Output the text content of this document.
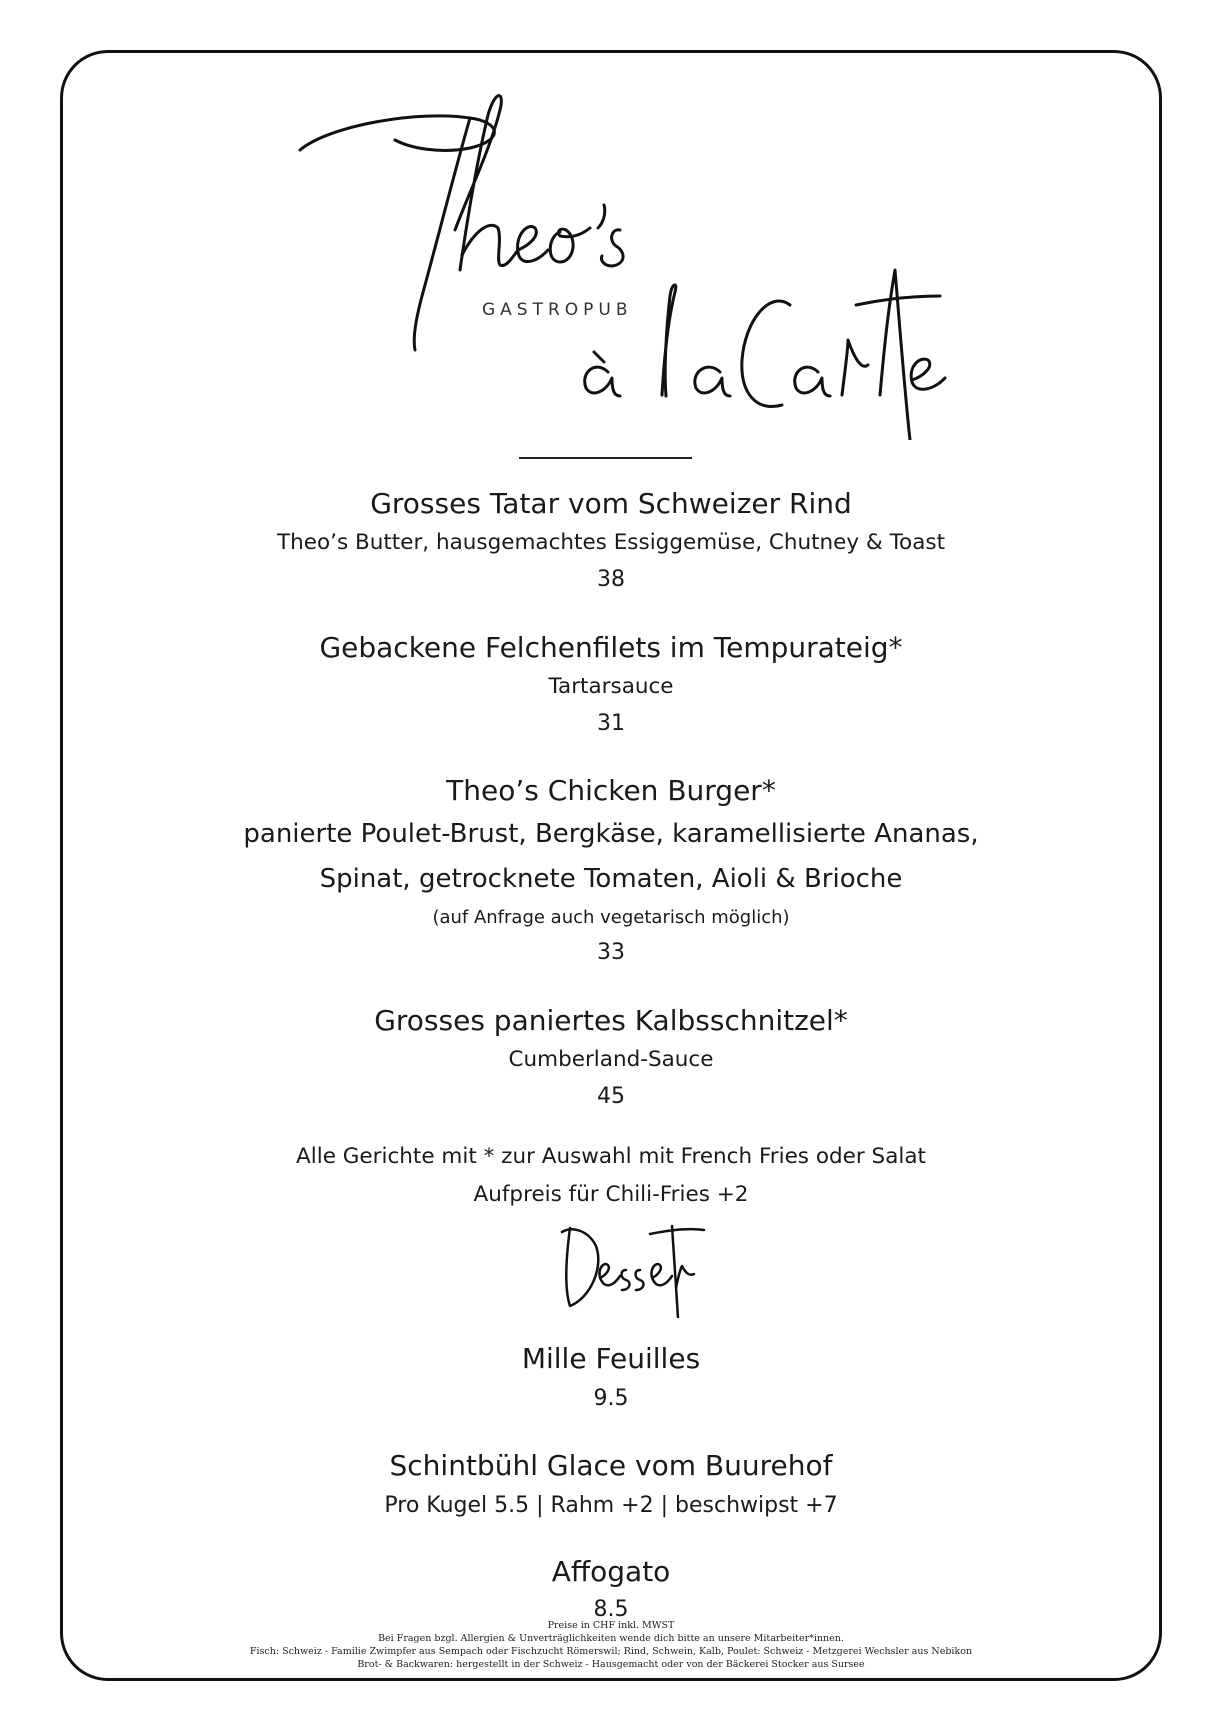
GASTROPUB
Grosses Tatar vom Schweizer Rind
Theo’s Butter, hausgemachtes Essiggemüse, Chutney & Toast
38
Gebackene Felchenfilets im Tempurateig*
Tartarsauce
31
Theo’s Chicken Burger*
panierte Poulet-Brust, Bergkäse, karamellisierte Ananas,
Spinat, getrocknete Tomaten, Aioli & Brioche
(auf Anfrage auch vegetarisch möglich)
33
Grosses paniertes Kalbsschnitzel*
Cumberland-Sauce
45
Alle Gerichte mit * zur Auswahl mit French Fries oder Salat
Aufpreis für Chili-Fries +2
Mille Feuilles
9.5
Schintbühl Glace vom Buurehof
Pro Kugel 5.5 | Rahm +2 | beschwipst +7
Affogato
8.5
Preise in CHF inkl. MWST
Bei Fragen bzgl. Allergien & Unverträglichkeiten wende dich bitte an unsere Mitarbeiter*innen.
Fisch: Schweiz - Familie Zwimpfer aus Sempach oder Fischzucht Römerswil; Rind, Schwein, Kalb, Poulet: Schweiz - Metzgerei Wechsler aus Nebikon
Brot- & Backwaren: hergestellt in der Schweiz - Hausgemacht oder von der Bäckerei Stocker aus Sursee
